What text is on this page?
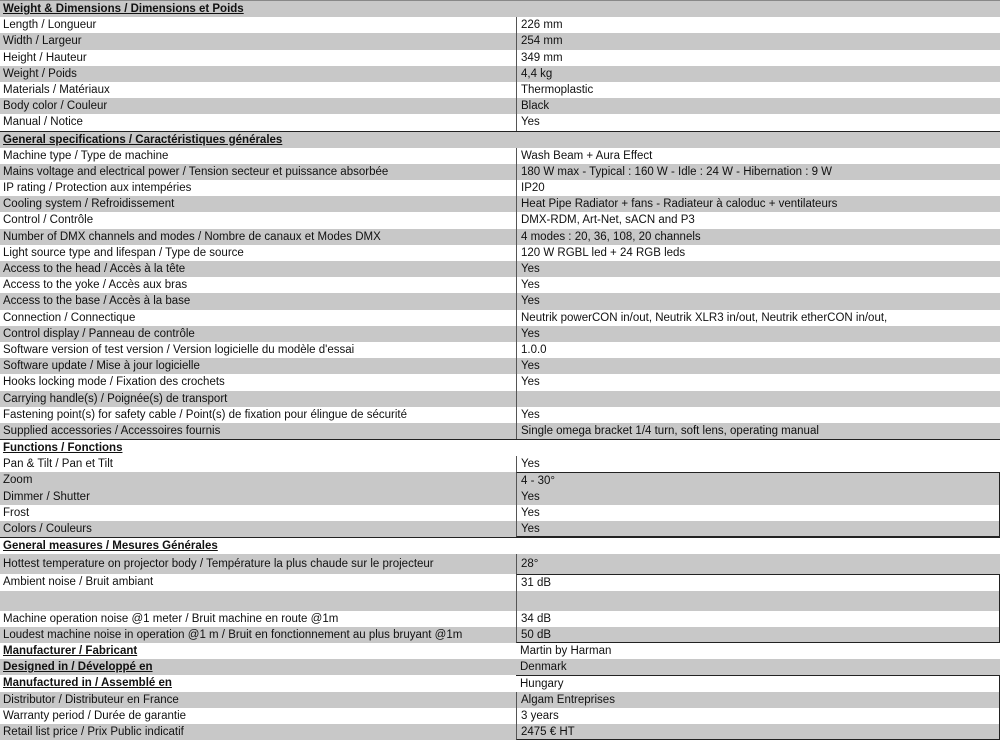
Weight & Dimensions / Dimensions et Poids
Length / Longueur	226 mm
Width / Largeur	254 mm
Height / Hauteur	349 mm
Weight / Poids	4,4 kg
Materials / Matériaux	Thermoplastic
Body color / Couleur	Black
Manual / Notice	Yes
General specifications / Caractéristiques générales
Machine type / Type de machine	Wash Beam + Aura Effect
Mains voltage and electrical power / Tension secteur et puissance absorbée	180 W max - Typical : 160 W - Idle : 24 W - Hibernation : 9 W
IP rating / Protection aux intempéries	IP20
Cooling system / Refroidissement	Heat Pipe Radiator + fans - Radiateur à caloduc + ventilateurs
Control / Contrôle	DMX-RDM, Art-Net, sACN and P3
Number of DMX channels and modes / Nombre de canaux et Modes DMX	4 modes : 20, 36, 108, 20 channels
Light source type and lifespan / Type de source	120 W RGBL led + 24 RGB leds
Access to the head / Accès à la tête	Yes
Access to the yoke / Accès aux bras	Yes
Access to the base / Accès à la base	Yes
Connection / Connectique	Neutrik powerCON in/out, Neutrik XLR3 in/out, Neutrik etherCON in/out,
Control display / Panneau de contrôle	Yes
Software version of test version / Version logicielle du modèle d'essai	1.0.0
Software update / Mise à jour logicielle	Yes
Hooks locking mode / Fixation des crochets	Yes
Carrying handle(s) / Poignée(s) de transport
Fastening point(s) for safety cable / Point(s) de fixation pour élingue de sécurité	Yes
Supplied accessories / Accessoires fournis	Single omega bracket 1/4 turn, soft lens, operating manual
Functions / Fonctions
Pan & Tilt / Pan et Tilt	Yes
Zoom	4 - 30°
Dimmer / Shutter	Yes
Frost	Yes
Colors / Couleurs	Yes
General measures / Mesures Générales
Hottest temperature on projector body / Température la plus chaude sur le projecteur	28°
Ambient noise / Bruit ambiant	31 dB
Machine operation noise @1 meter / Bruit machine en route @1m	34 dB
Loudest machine noise in operation @1 m / Bruit en fonctionnement au plus bruyant @1m	50 dB
Manufacturer / Fabricant	Martin by Harman
Designed in / Développé en	Denmark
Manufactured in / Assemblé en	Hungary
Distributor / Distributeur en France	Algam Entreprises
Warranty period / Durée de garantie	3 years
Retail list price / Prix Public indicatif	2475 € HT
